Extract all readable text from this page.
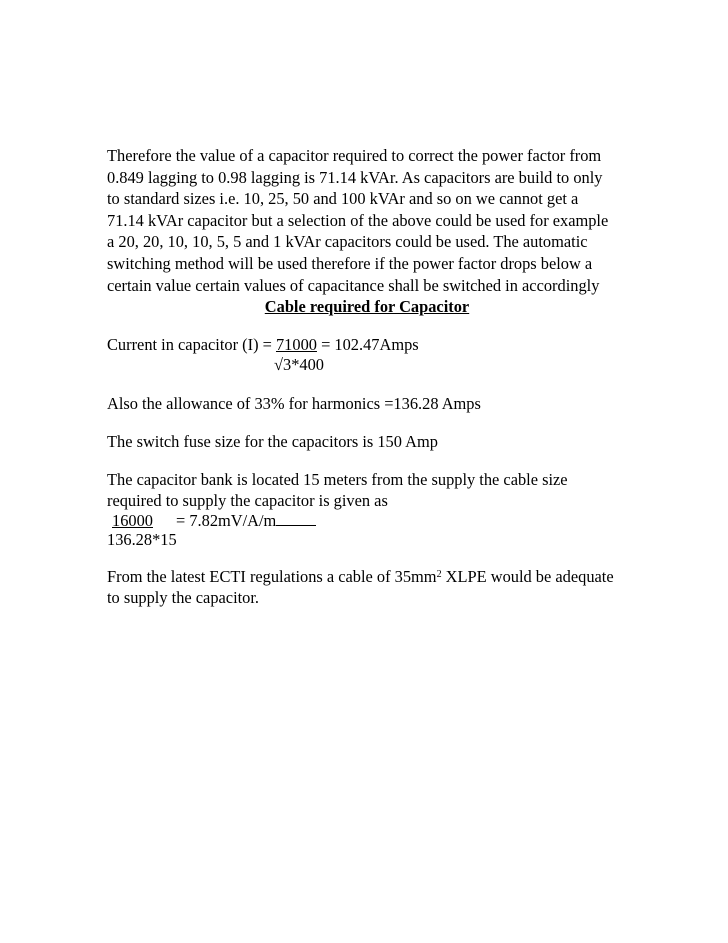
Therefore the value of a capacitor required to correct the power factor from
0.849 lagging to 0.98 lagging is 71.14 kVAr. As capacitors are build to only
to standard sizes i.e. 10, 25, 50 and 100 kVAr and so on we cannot get a
71.14 kVAr capacitor but a selection of the above could be used for example
a 20, 20, 10, 10, 5, 5 and 1 kVAr capacitors could be used. The automatic
switching method will be used therefore if the power factor drops below a
certain value certain values of capacitance shall be switched in accordingly
Cable required for Capacitor
Current in capacitor (I) = 71000 = 102.47Amps
√3*400
Also the allowance of 33% for harmonics =136.28 Amps
The switch fuse size for the capacitors is 150 Amp
The capacitor bank is located 15 meters from the supply the cable size
required to supply the capacitor is given as
16000 = 7.82mV/A/m
136.28*15
From the latest ECTI regulations a cable of $35mm^2$ XLPE would be adequate
to supply the capacitor.
